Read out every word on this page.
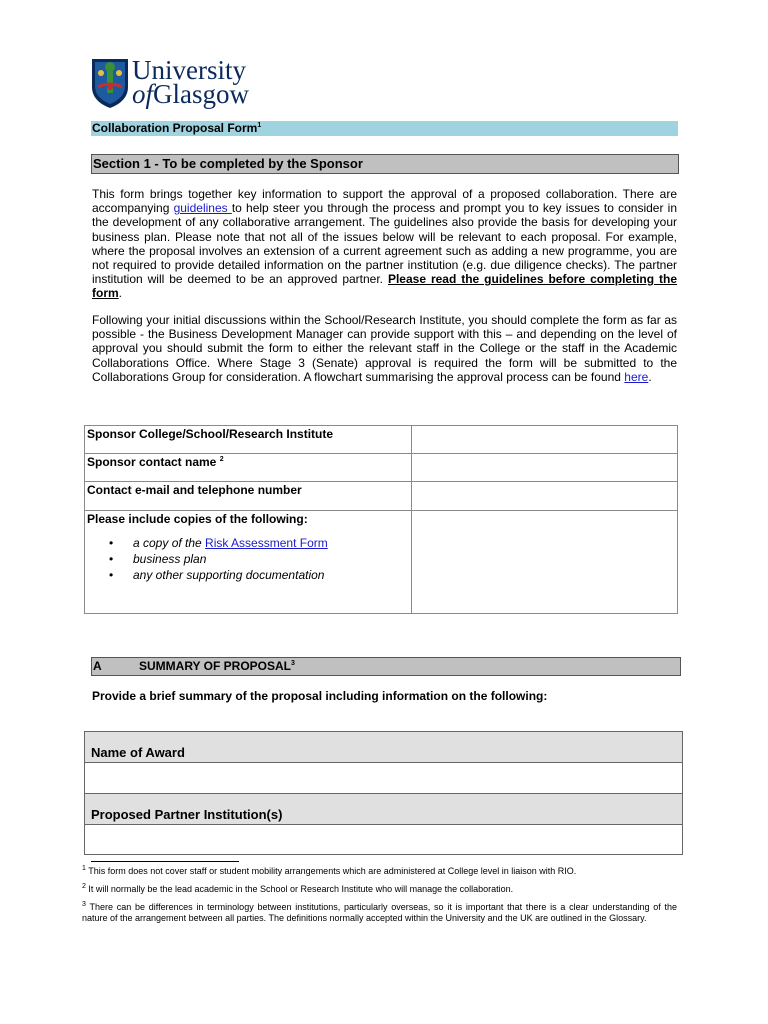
University
ofGlasgow
Collaboration Proposal Form$^1$
Section 1 - To be completed by the Sponsor
This form brings together key information to support the approval of a proposed collaboration. There are accompanying guidelines to help steer you through the process and prompt you to key issues to consider in the development of any collaborative arrangement. The guidelines also provide the basis for developing your business plan. Please note that not all of the issues below will be relevant to each proposal. For example, where the proposal involves an extension of a current agreement such as adding a new programme, you are not required to provide detailed information on the partner institution (e.g. due diligence checks). The partner institution will be deemed to be an approved partner. Please read the guidelines before completing the form.
Following your initial discussions within the School/Research Institute, you should complete the form as far as possible - the Business Development Manager can provide support with this – and depending on the level of approval you should submit the form to either the relevant staff in the College or the staff in the Academic Collaborations Office. Where Stage 3 (Senate) approval is required the form will be submitted to the Collaborations Group for consideration. A flowchart summarising the approval process can be found here.
Sponsor College/School/Research Institute
Sponsor contact name $^2$
Contact e-mail and telephone number
Please include copies of the following:
• a copy of the Risk Assessment Form
• business plan
• any other supporting documentation
A	SUMMARY OF PROPOSAL$^3$
Provide a brief summary of the proposal including information on the following:
Name of Award
Proposed Partner Institution(s)
$^1$ This form does not cover staff or student mobility arrangements which are administered at College level in liaison with RIO.
$^2$ It will normally be the lead academic in the School or Research Institute who will manage the collaboration.
$^3$ There can be differences in terminology between institutions, particularly overseas, so it is important that there is a clear understanding of the nature of the arrangement between all parties. The definitions normally accepted within the University and the UK are outlined in the Glossary.
